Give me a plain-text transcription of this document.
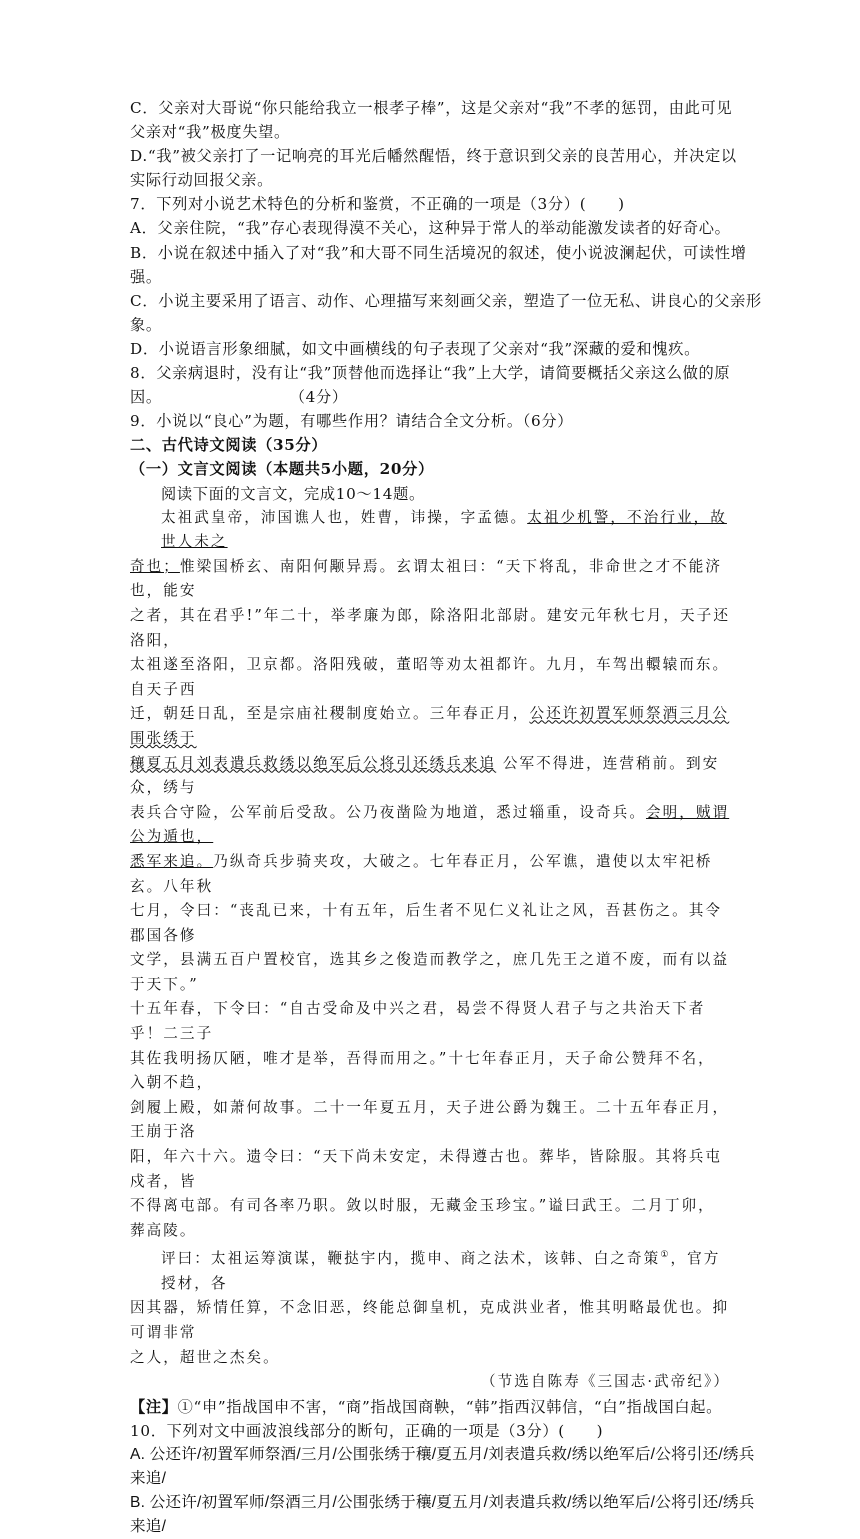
C．父亲对大哥说“你只能给我立一根孝子棒”，这是父亲对“我”不孝的惩罚，由此可见
父亲对“我”极度失望。
D.“我”被父亲打了一记响亮的耳光后幡然醒悟，终于意识到父亲的良苦用心，并决定以
实际行动回报父亲。
7．下列对小说艺术特色的分析和鉴赏，不正确的一项是（3分）(　　)
A．父亲住院，“我”存心表现得漠不关心，这种异于常人的举动能激发读者的好奇心。
B．小说在叙述中插入了对“我”和大哥不同生活境况的叙述，使小说波澜起伏，可读性增
强。
C．小说主要采用了语言、动作、心理描写来刻画父亲，塑造了一位无私、讲良心的父亲形
象。
D．小说语言形象细腻，如文中画横线的句子表现了父亲对“我”深藏的爱和愧疚。
8．父亲病退时，没有让“我”顶替他而选择让“我”上大学，请简要概括父亲这么做的原
因。	（4分）
9．小说以“良心”为题，有哪些作用？请结合全文分析。（6分）
二、古代诗文阅读（35分）
（一）文言文阅读（本题共5小题，20分）
阅读下面的文言文，完成10～14题。
太祖武皇帝，沛国谯人也，姓曹，讳操，字孟德。太祖少机警，不治行业，故世人未之
奇也；惟梁国桥玄、南阳何颙异焉。玄谓太祖曰：“天下将乱，非命世之才不能济也，能安
之者，其在君乎!”年二十，举孝廉为郎，除洛阳北部尉。建安元年秋七月，天子还洛阳，
太祖遂至洛阳，卫京都。洛阳残破，董昭等劝太祖都许。九月，车驾出轘辕而东。自天子西
迁，朝廷日乱，至是宗庙社稷制度始立。三年春正月，公还许初置军师祭酒三月公围张绣于
穰夏五月刘表遣兵救绣以绝军后公将引还绣兵来追 公军不得进，连营稍前。到安众，绣与
表兵合守险，公军前后受敌。公乃夜凿险为地道，悉过辎重，设奇兵。会明，贼谓公为遁也，
悉军来追。乃纵奇兵步骑夹攻，大破之。七年春正月，公军谯，遣使以太牢祀桥玄。八年秋
七月，令曰：“丧乱已来，十有五年，后生者不见仁义礼让之风，吾甚伤之。其令郡国各修
文学，县满五百户置校官，选其乡之俊造而教学之，庶几先王之道不废，而有以益于天下。”
十五年春，下令曰：“自古受命及中兴之君，曷尝不得贤人君子与之共治天下者乎！二三子
其佐我明扬仄陋，唯才是举，吾得而用之。”十七年春正月，天子命公赞拜不名，入朝不趋，
剑履上殿，如萧何故事。二十一年夏五月，天子进公爵为魏王。二十五年春正月，王崩于洛
阳，年六十六。遗令曰：“天下尚未安定，未得遵古也。葬毕，皆除服。其将兵屯戍者，皆
不得离屯部。有司各率乃职。敛以时服，无藏金玉珍宝。”谥曰武王。二月丁卯，葬高陵。
评曰：太祖运筹演谋，鞭挞宇内，揽申、商之法术，该韩、白之奇策①，官方授材，各
因其器，矫情任算，不念旧恶，终能总御皇机，克成洪业者，惟其明略最优也。抑可谓非常
之人，超世之杰矣。
（节选自陈寿《三国志·武帝纪》）
【注】①“申”指战国申不害，“商”指战国商鞅，“韩”指西汉韩信，“白”指战国白起。
10．下列对文中画波浪线部分的断句，正确的一项是（3分）(　　)
A. 公还许/初置军师祭酒/三月/公围张绣于穰/夏五月/刘表遣兵救/绣以绝军后/公将引还/绣兵
来追/
B. 公还许/初置军师/祭酒三月/公围张绣于穰/夏五月/刘表遣兵救/绣以绝军后/公将引还/绣兵
来追/
